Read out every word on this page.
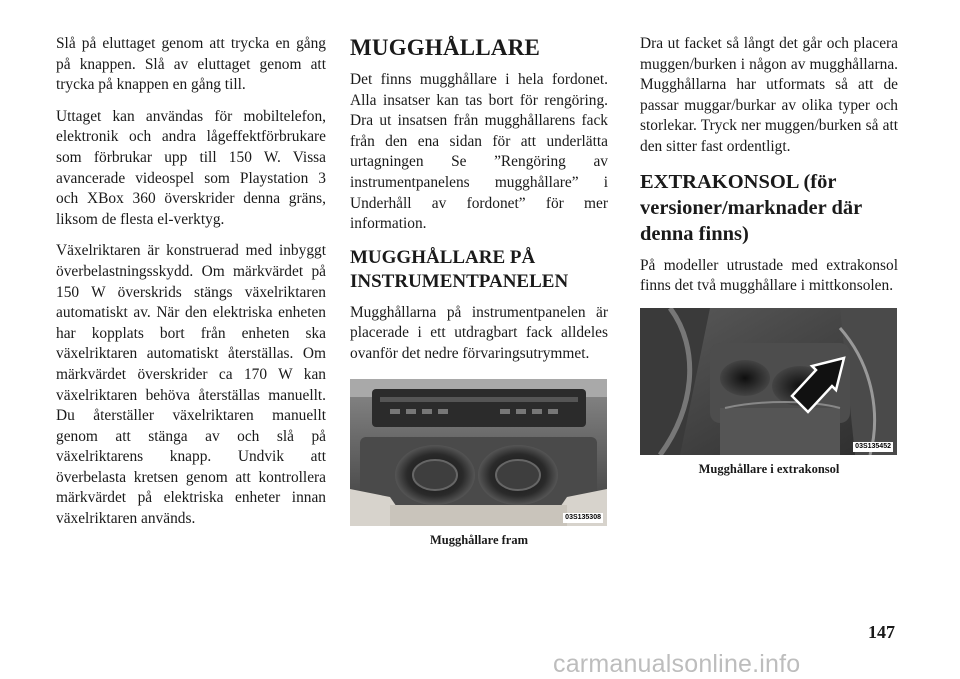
Slå på eluttaget genom att trycka en gång på knappen. Slå av eluttaget genom att trycka på knappen en gång till.

Uttaget kan användas för mobiltelefon, elektronik och andra lågeffektförbrukare som förbrukar upp till 150 W. Vissa avancerade videospel som Playstation 3 och XBox 360 överskrider denna gräns, liksom de flesta el-verktyg.

Växelriktaren är konstruerad med inbyggt överbelastningsskydd. Om märkvärdet på 150 W överskrids stängs växelriktaren automatiskt av. När den elektriska enheten har kopplats bort från enheten ska växelriktaren automatiskt återställas. Om märkvärdet överskrider ca 170 W kan växelriktaren behöva återställas manuellt. Du återställer växelriktaren manuellt genom att stänga av och slå på växelriktarens knapp. Undvik att överbelasta kretsen genom att kontrollera märkvärdet på elektriska enheter innan växelriktaren används.

MUGGHÅLLARE

Det finns mugghållare i hela fordonet. Alla insatser kan tas bort för rengöring. Dra ut insatsen från mugghållarens fack från den ena sidan för att underlätta urtagningen Se ”Rengöring av instrumentpanelens mugghållare” i Underhåll av fordonet” för mer information.

MUGGHÅLLARE PÅ INSTRUMENTPANELEN

Mugghållarna på instrumentpanelen är placerade i ett utdragbart fack alldeles ovanför det nedre förvaringsutrymmet.

03S135308
Mugghållare fram

Dra ut facket så långt det går och placera muggen/burken i någon av mugghållarna. Mugghållarna har utformats så att de passar muggar/burkar av olika typer och storlekar. Tryck ner muggen/burken så att den sitter fast ordentligt.

EXTRAKONSOL (för versioner/marknader där denna finns)

På modeller utrustade med extrakonsol finns det två mugghållare i mittkonsolen.

03S135452
Mugghållare i extrakonsol
147
carmanualsonline.info
